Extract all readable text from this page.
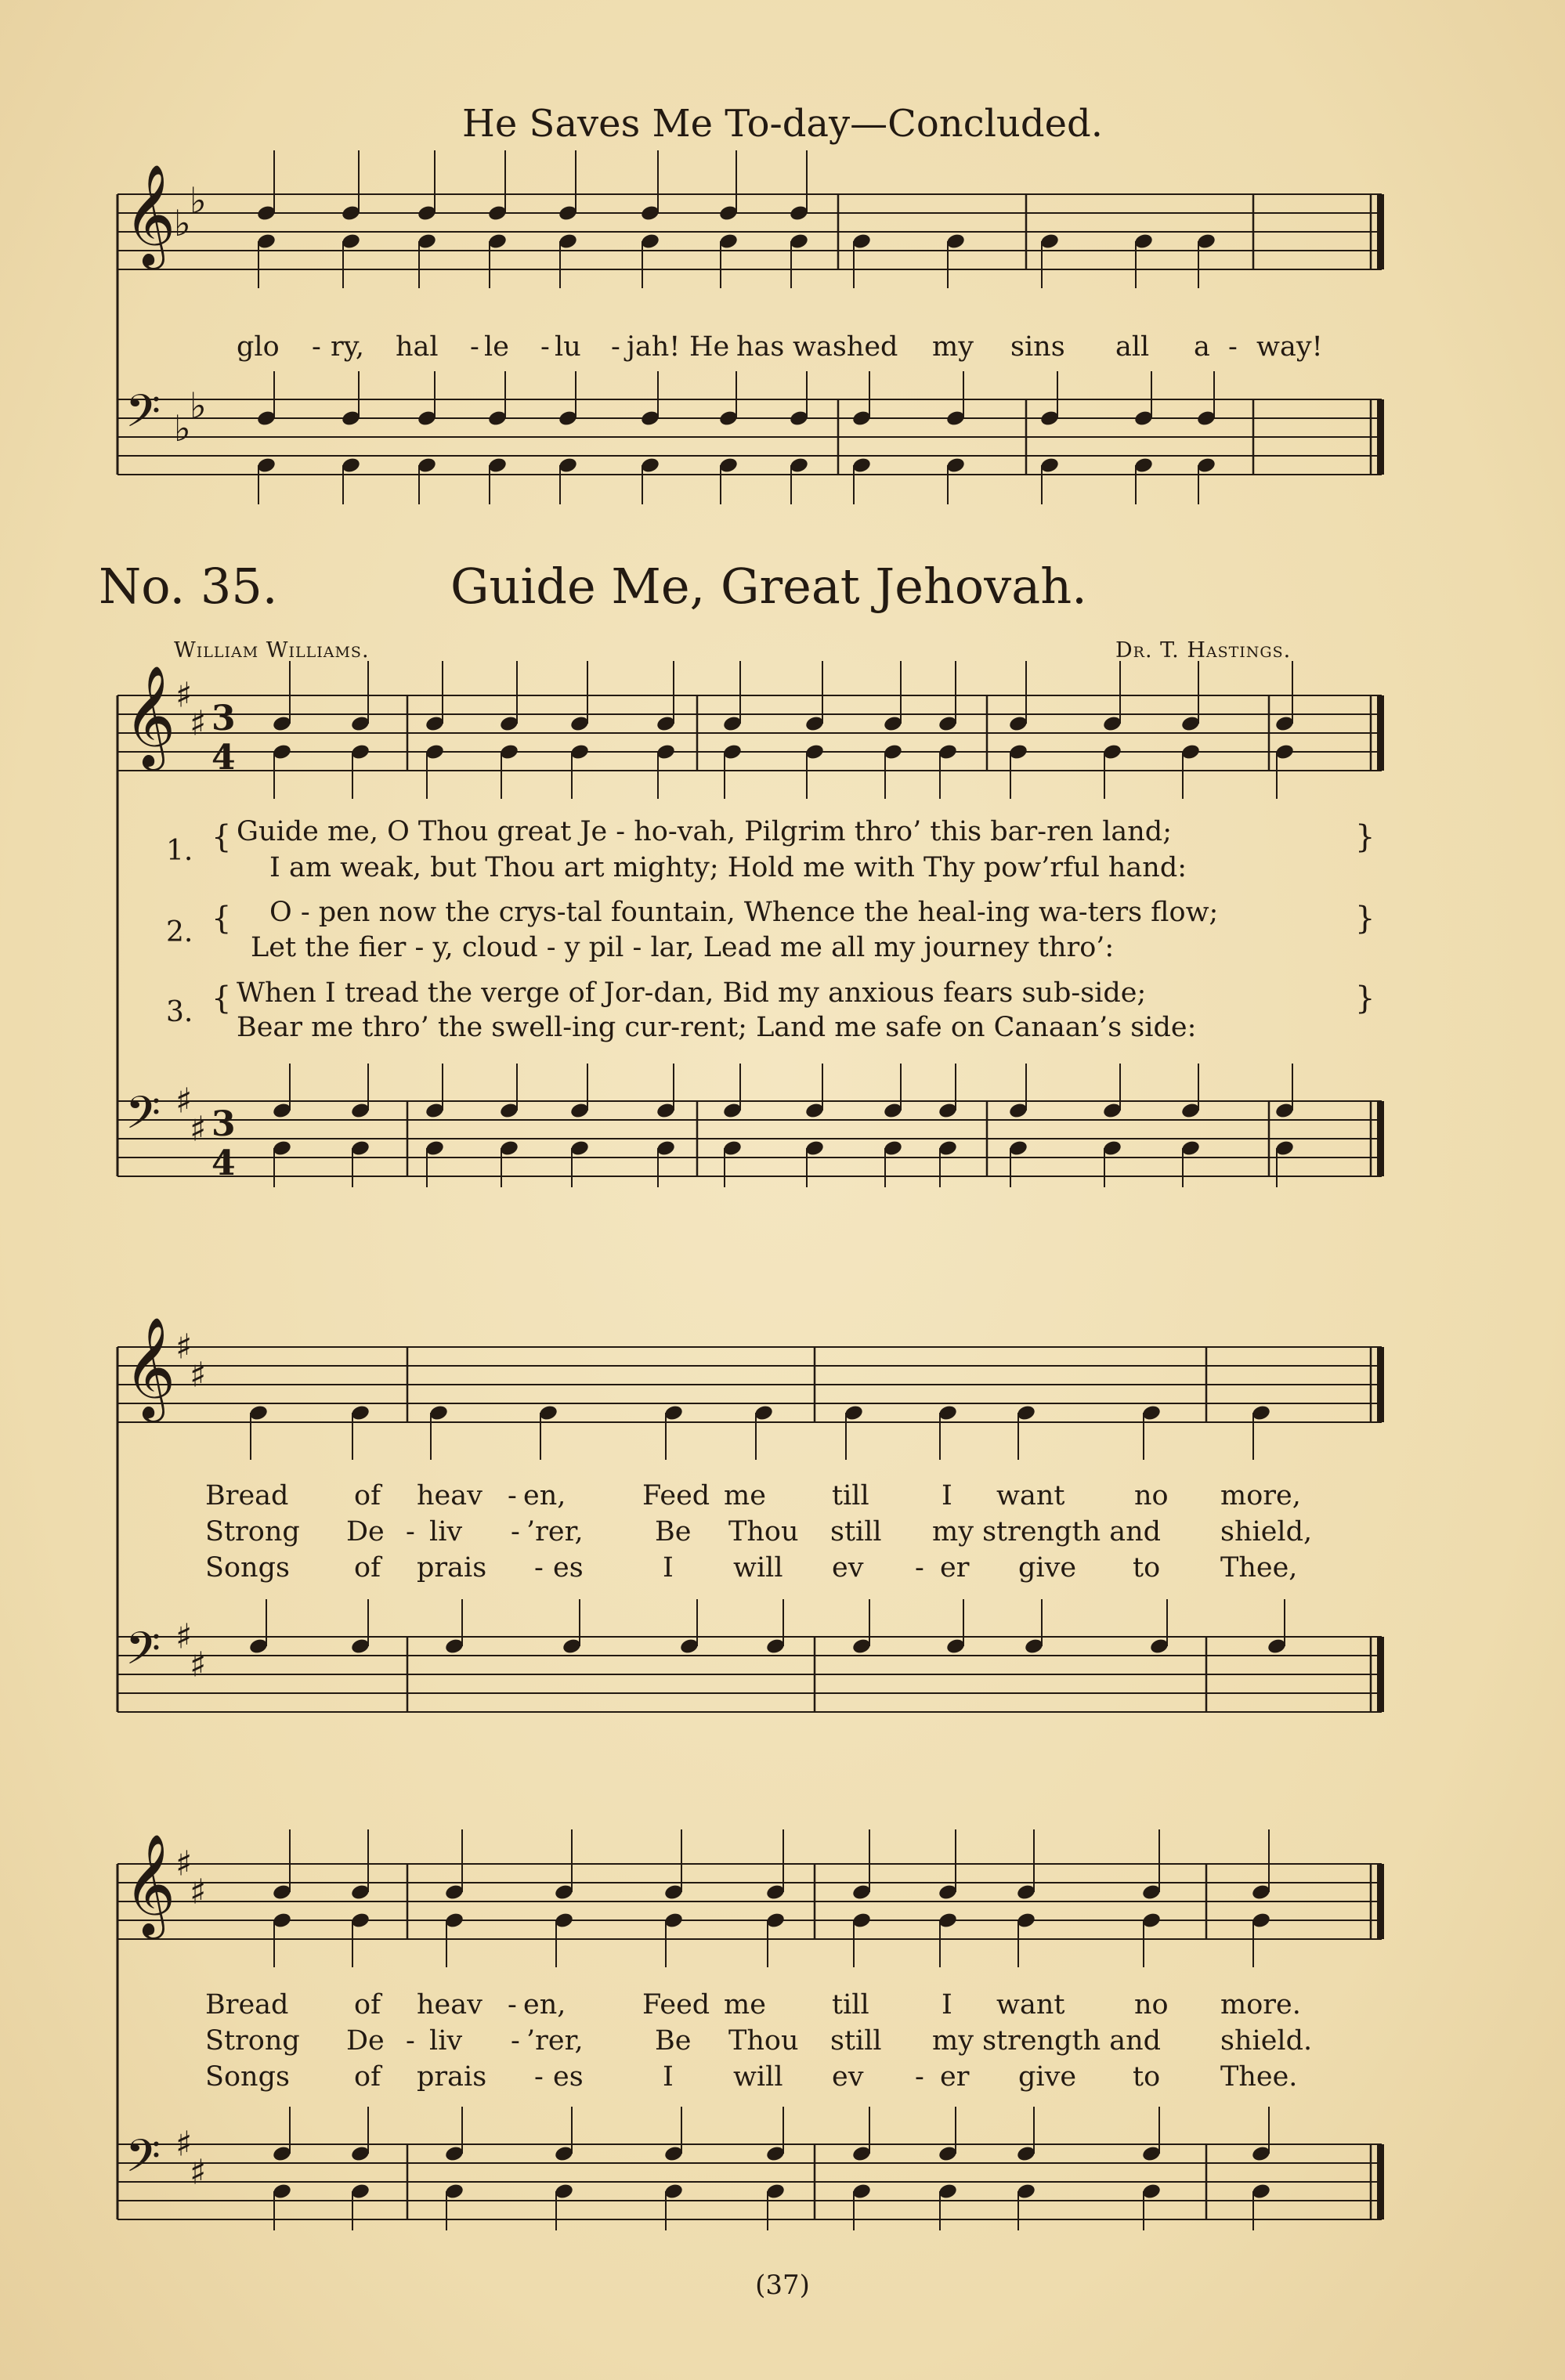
𝄞
♭
♭
𝄢 ♭
♭
𝄞 ♯
♯ 3
4
𝄢 ♯
♯ 3
4
𝄞 ♯
♯
𝄢 ♯
♯
𝄞 ♯
♯
𝄢 ♯
♯
He Saves Me To-day—Concluded.
glo - ry, hal - le - lu - jah! He has washed my sins all a - way!
No. 35.	Guide Me, Great Jehovah.
William Williams.	Dr. T. Hastings.
1. { Guide me, O Thou great Je - ho-vah, Pilgrim thro’ this bar-ren land;
I am weak, but Thou art mighty; Hold me with Thy pow’rful hand:
}
2. { O - pen now the crys-tal fountain, Whence the heal-ing wa-ters flow;
Let the fier - y, cloud - y pil - lar, Lead me all my journey thro’:
}
3. { When I tread the verge of Jor-dan, Bid my anxious fears sub-side;
Bear me thro’ the swell-ing cur-rent; Land me safe on Canaan’s side:
}
Bread of heav - en,	Feed me till	I want	no more,
Strong De - liv - ’rer,	Be Thou still my strength and shield,
Songs of prais - es	I will ev - er give to Thee,
Bread of heav - en,	Feed me till	I want	no more.
Strong De - liv - ’rer,	Be Thou still my strength and shield.
Songs of prais - es	I will ev - er give to Thee.
(37)
